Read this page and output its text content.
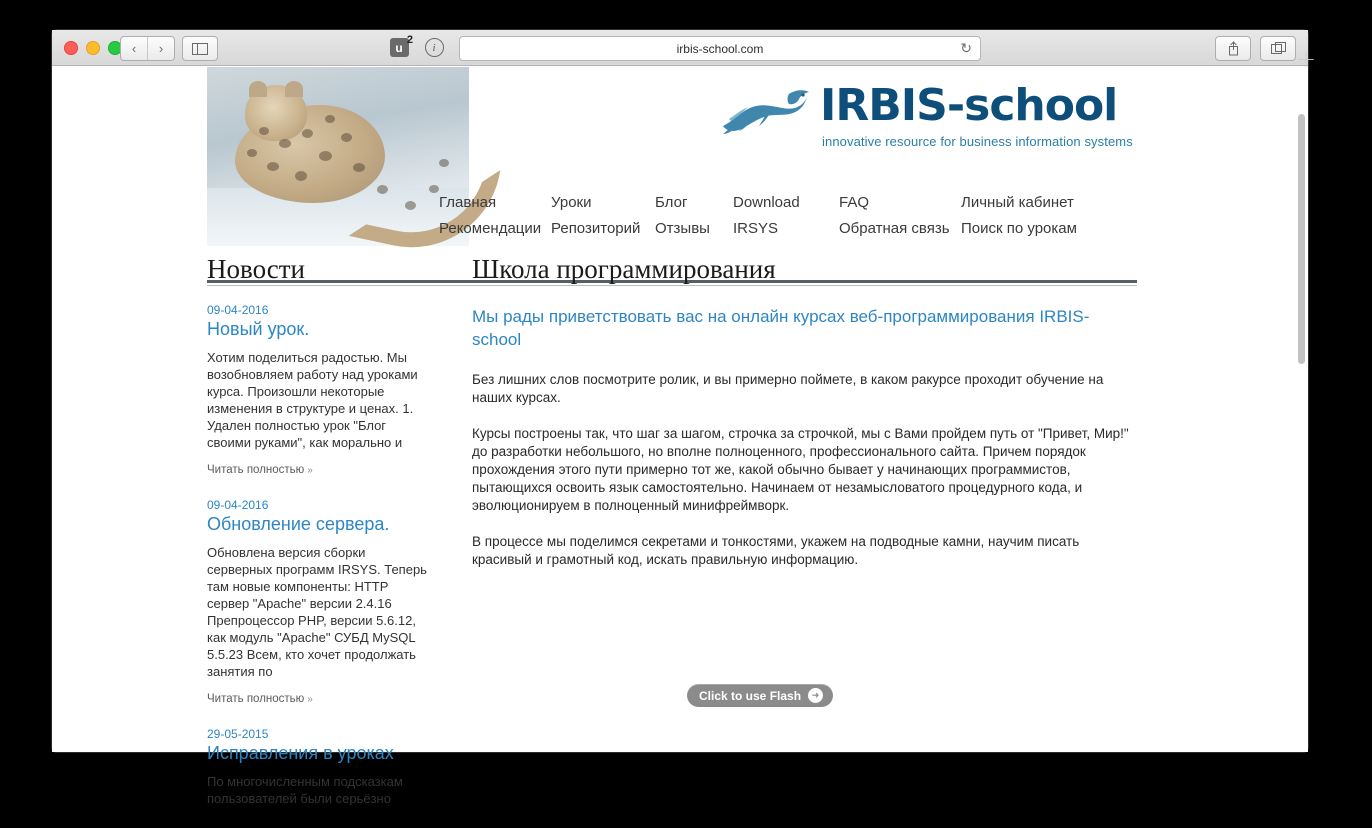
‹ ›	u
2
i	irbis-school.com	↻
IRBIS-school
innovative resource for business information systems
Главная	Уроки	Блог	Download	FAQ	Личный кабинет
Рекомендации Репозиторий Отзывы	IRSYS	Обратная связь Поиск по урокам
Новости
09-04-2016
Новый урок.

Хотим поделиться радостью. Мы возобновляем работу над уроками курса. Произошли некоторые изменения в структуре и ценах. 1. Удален полностью урок "Блог своими руками", как морально и

Читать полностью »
09-04-2016
Обновление сервера.

Обновлена версия сборки серверных программ IRSYS. Теперь там новые компоненты: HTTP сервер "Apache" версии 2.4.16 Препроцессор PHP, версии 5.6.12, как модуль "Apache" СУБД MySQL 5.5.23 Всем, кто хочет продолжать занятия по

Читать полностью »
29-05-2015
Исправления в уроках

По многочисленным подсказкам пользователей были серьёзно

Школа программирования

Мы рады приветствовать вас на онлайн курсах веб-программирования IRBIS-school

Без лишних слов посмотрите ролик, и вы примерно поймете, в каком ракурсе проходит обучение на наших курсах.

Курсы построены так, что шаг за шагом, строчка за строчкой, мы с Вами пройдем путь от "Привет, Мир!" до разработки небольшого, но вполне полноценного, профессионального сайта. Причем порядок прохождения этого пути примерно тот же, какой обычно бывает у начинающих программистов, пытающихся освоить язык самостоятельно. Начинаем от незамысловатого процедурного кода, и эволюционируем в полноценный минифреймворк.

В процессе мы поделимся секретами и тонкостями, укажем на подводные камни, научим писать красивый и грамотный код, искать правильную информацию.

Click to use Flash	➜
＋
irbis-school.com
